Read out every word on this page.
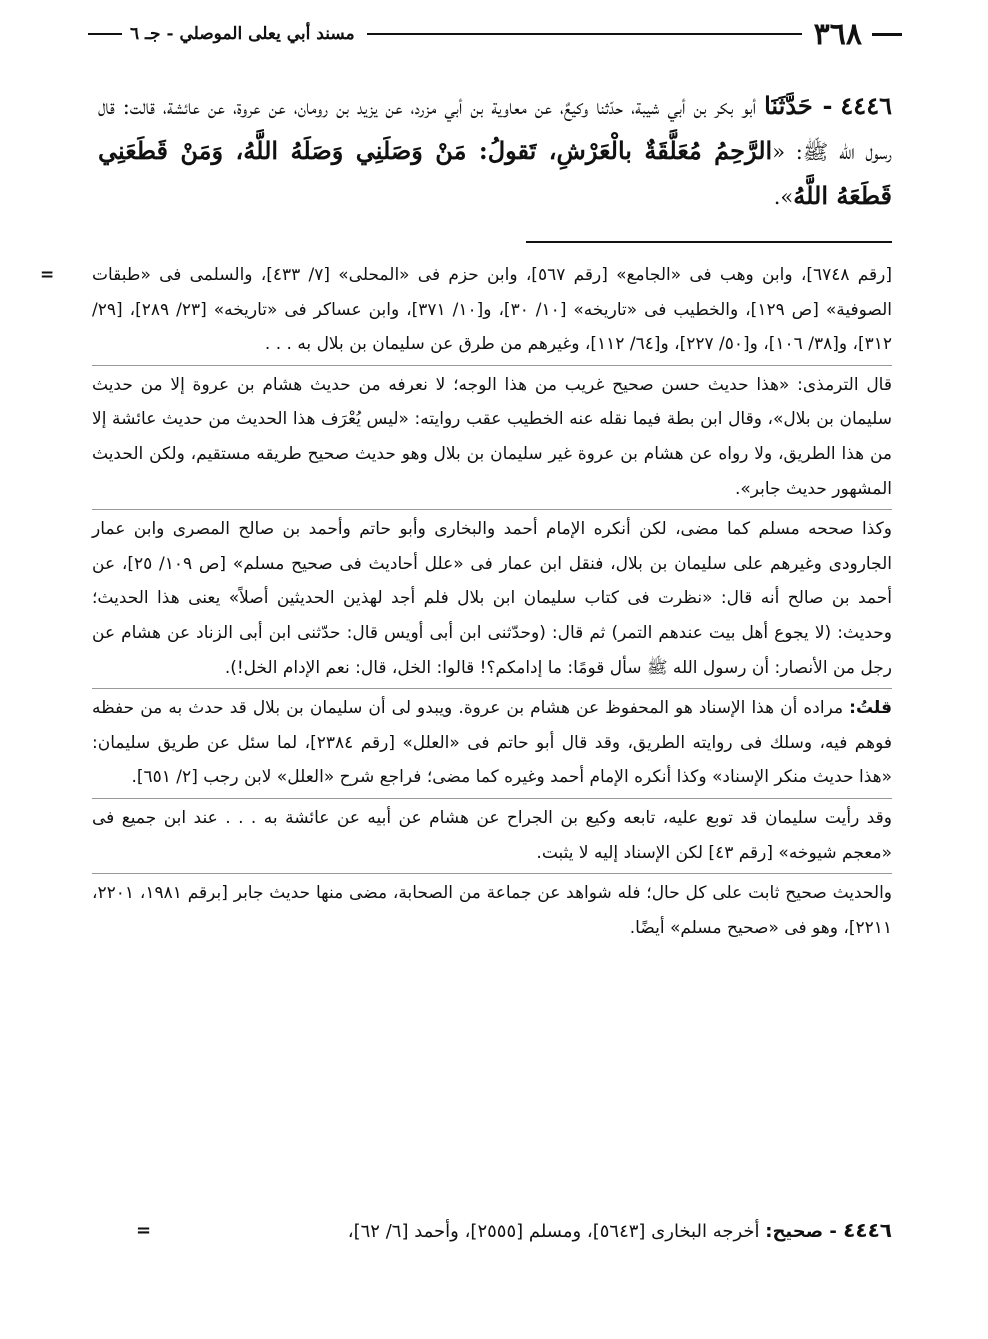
٣٦٨
مسند أبي يعلى الموصلي - جـ ٦
٤٤٤٦ - حَدَّثَنَا أبو بكر بن أبي شيبة، حدّثنا وكيعٌ، عن معاوية بن أبي مزرد، عن يزيد بن رومان، عن عروة، عن عائشة، قالت: قال رسول الله ﷺ: «الرَّحِمُ مُعَلَّقَةٌ بالْعَرْشِ، تَقولُ: مَنْ وَصَلَنِي وَصَلَهُ اللَّهُ، وَمَنْ قَطَعَنِي قَطَعَهُ اللَّهُ».

= [رقم ٦٧٤٨]، وابن وهب فى «الجامع» [رقم ٥٦٧]، وابن حزم فى «المحلى» [٧/ ٤٣٣]، والسلمى فى «طبقات الصوفية» [ص ١٢٩]، والخطيب فى «تاريخه» [١٠/ ٣٠]، و[١٠/ ٣٧١]، وابن عساكر فى «تاريخه» [٢٣/ ٢٨٩]، [٢٩/ ٣١٢]، و[٣٨/ ١٠٦]، و[٥٠/ ٢٢٧]، و[٦٤/ ١١٢]، وغيرهم من طرق عن سليمان بن بلال به . . .

قال الترمذى: «هذا حديث حسن صحيح غريب من هذا الوجه؛ لا نعرفه من حديث هشام بن عروة إلا من حديث سليمان بن بلال»، وقال ابن بطة فيما نقله عنه الخطيب عقب روايته: «ليس يُعْرَف هذا الحديث من حديث عائشة إلا من هذا الطريق، ولا رواه عن هشام بن عروة غير سليمان بن بلال وهو حديث صحيح طريقه مستقيم، ولكن الحديث المشهور حديث جابر».

وكذا صححه مسلم كما مضى، لكن أنكره الإمام أحمد والبخارى وأبو حاتم وأحمد بن صالح المصرى وابن عمار الجارودى وغيرهم على سليمان بن بلال، فنقل ابن عمار فى «علل أحاديث فى صحيح مسلم» [ص ١٠٩/ ٢٥]، عن أحمد بن صالح أنه قال: «نظرت فى كتاب سليمان ابن بلال فلم أجد لهذين الحديثين أصلاً» يعنى هذا الحديث؛ وحديث: (لا يجوع أهل بيت عندهم التمر) ثم قال: (وحدّثنى ابن أبى أويس قال: حدّثنى ابن أبى الزناد عن هشام عن رجل من الأنصار: أن رسول الله ﷺ سأل قومًا: ما إدامكم؟! قالوا: الخل، قال: نعم الإدام الخل!).

قلتُ: مراده أن هذا الإسناد هو المحفوظ عن هشام بن عروة. ويبدو لى أن سليمان بن بلال قد حدث به من حفظه فوهم فيه، وسلك فى روايته الطريق، وقد قال أبو حاتم فى «العلل» [رقم ٢٣٨٤]، لما سئل عن طريق سليمان: «هذا حديث منكر الإسناد» وكذا أنكره الإمام أحمد وغيره كما مضى؛ فراجع شرح «العلل» لابن رجب [٢/ ٦٥١].

وقد رأيت سليمان قد توبع عليه، تابعه وكيع بن الجراح عن هشام عن أبيه عن عائشة به . . . عند ابن جميع فى «معجم شيوخه» [رقم ٤٣] لكن الإسناد إليه لا يثبت.

والحديث صحيح ثابت على كل حال؛ فله شواهد عن جماعة من الصحابة، مضى منها حديث جابر [برقم ١٩٨١، ٢٢٠١، ٢٢١١]، وهو فى «صحيح مسلم» أيضًا.

٤٤٤٦ - صحيح: أخرجه البخارى [٥٦٤٣]، ومسلم [٢٥٥٥]، وأحمد [٦/ ٦٢]،
=
